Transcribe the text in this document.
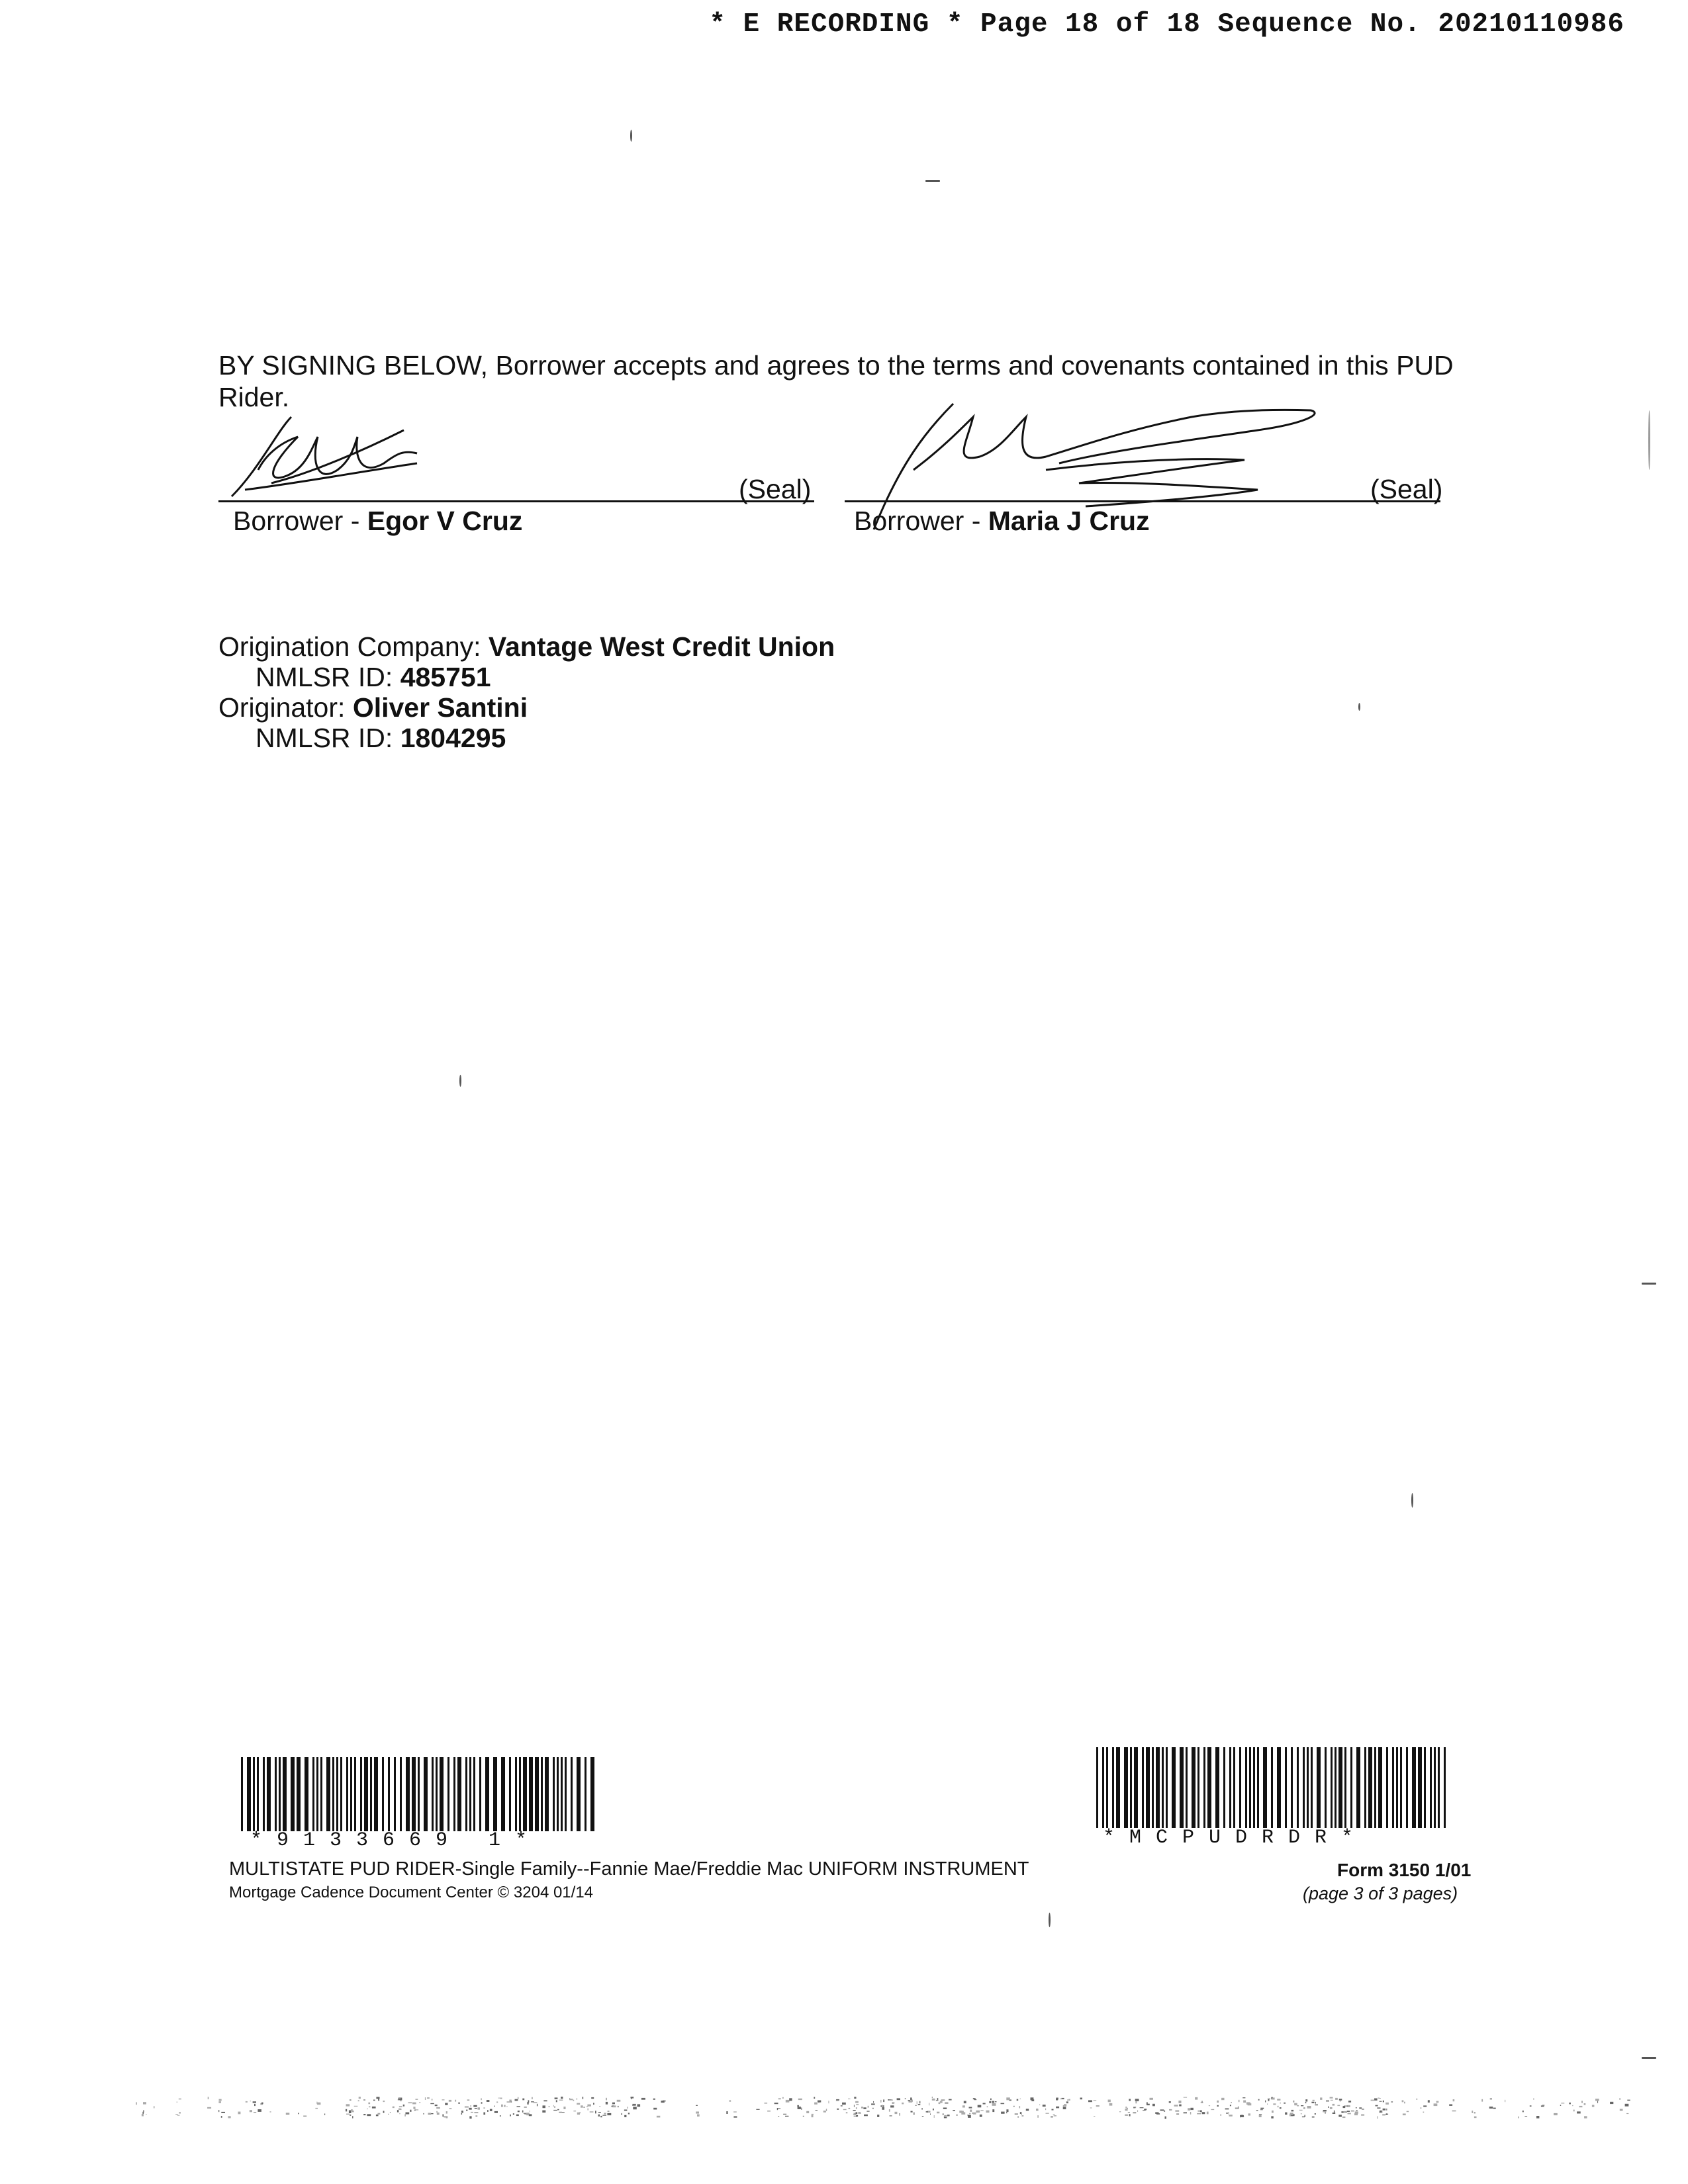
* E RECORDING * Page 18 of 18 Sequence No. 20210110986
BY SIGNING BELOW, Borrower accepts and agrees to the terms and covenants contained in this PUD Rider.
(Seal)
Borrower - Egor V Cruz
(Seal)
Borrower - Maria J Cruz
Origination Company: Vantage West Credit Union
NMLSR ID: 485751
Originator: Oliver Santini
NMLSR ID: 1804295
*9133669 1*	*MCPUDRDR*
MULTISTATE PUD RIDER-Single Family--Fannie Mae/Freddie Mac UNIFORM INSTRUMENT
Mortgage Cadence Document Center © 3204 01/14
Form 3150 1/01
(page 3 of 3 pages)
